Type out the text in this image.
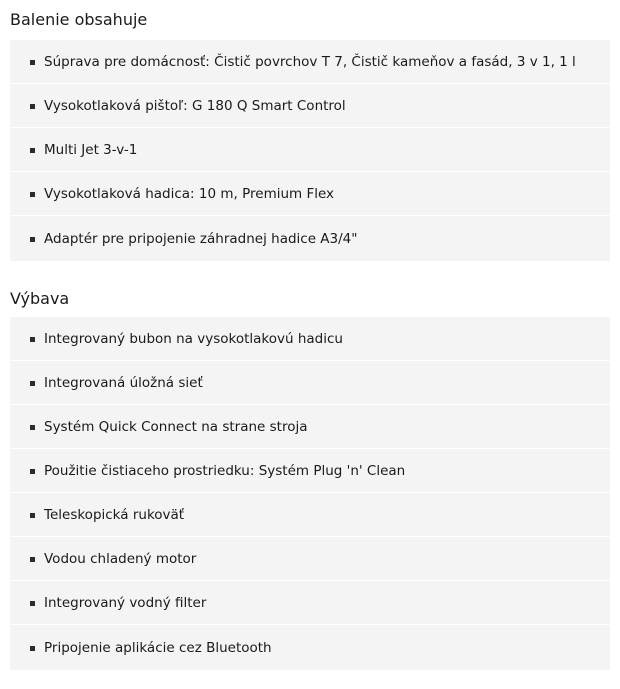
Balenie obsahuje
Súprava pre domácnosť: Čistič povrchov T 7, Čistič kameňov a fasád, 3 v 1, 1 l
Vysokotlaková pištoľ: G 180 Q Smart Control
Multi Jet 3-v-1
Vysokotlaková hadica: 10 m, Premium Flex
Adaptér pre pripojenie záhradnej hadice A3/4"
Výbava
Integrovaný bubon na vysokotlakovú hadicu
Integrovaná úložná sieť
Systém Quick Connect na strane stroja
Použitie čistiaceho prostriedku: Systém Plug 'n' Clean
Teleskopická rukoväť
Vodou chladený motor
Integrovaný vodný filter
Pripojenie aplikácie cez Bluetooth
